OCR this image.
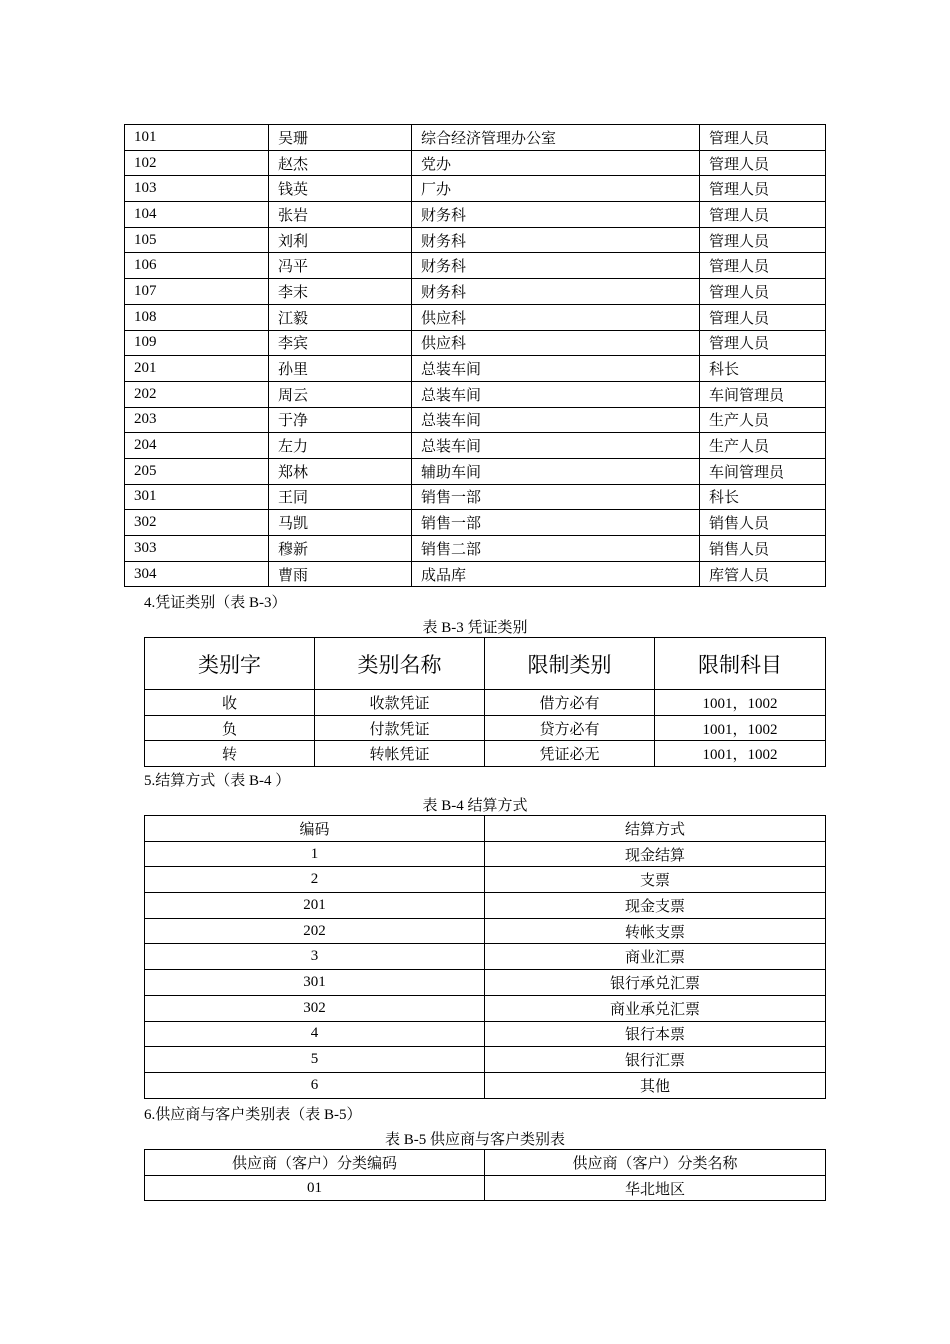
101	吴珊	综合经济管理办公室	管理人员
102	赵杰	党办	管理人员
103	钱英	厂办	管理人员
104	张岩	财务科	管理人员
105	刘利	财务科	管理人员
106	冯平	财务科	管理人员
107	李末	财务科	管理人员
108	江毅	供应科	管理人员
109	李宾	供应科	管理人员
201	孙里	总装车间	科长
202	周云	总装车间	车间管理员
203	于净	总装车间	生产人员
204	左力	总装车间	生产人员
205	郑林	辅助车间	车间管理员
301	王同	销售一部	科长
302	马凯	销售一部	销售人员
303	穆新	销售二部	销售人员
304	曹雨	成品库	库管人员
4.凭证类别（表 B-3）
表 B-3 凭证类别
类别字	类别名称	限制类别	限制科目
收	收款凭证	借方必有	1001，1002
负	付款凭证	贷方必有	1001，1002
转	转帐凭证	凭证必无	1001，1002
5.结算方式（表 B-4 ）
表 B-4 结算方式
编码	结算方式
1	现金结算
2	支票
201	现金支票
202	转帐支票
3	商业汇票
301	银行承兑汇票
302	商业承兑汇票
4	银行本票
5	银行汇票
6	其他
6.供应商与客户类别表（表 B-5）
表 B-5 供应商与客户类别表
供应商（客户）分类编码	供应商（客户）分类名称
01	华北地区
